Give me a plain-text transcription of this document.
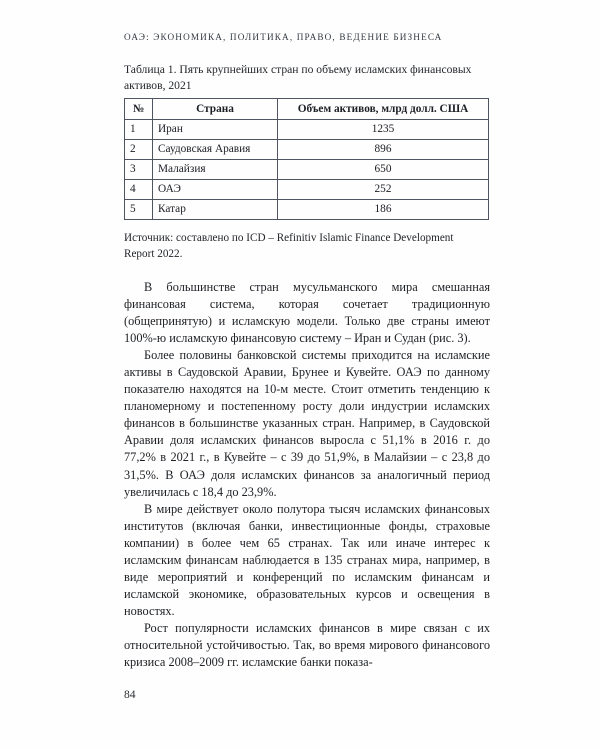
ОАЭ: ЭКОНОМИКА, ПОЛИТИКА, ПРАВО, ВЕДЕНИЕ БИЗНЕСА

Таблица 1. Пять крупнейших стран по объему исламских финансовых активов, 2021

№	Страна	Объем активов, млрд долл. США
1	Иран	1235
2	Саудовская Аравия	896
3	Малайзия	650
4	ОАЭ	252
5	Катар	186

Источник: составлено по ICD – Refinitiv Islamic Finance Development Report 2022.

В большинстве стран мусульманского мира смешанная финансовая система, которая сочетает традиционную (общепринятую) и исламскую модели. Только две страны имеют 100%-ю исламскую финансовую систему – Иран и Судан (рис. 3).

Более половины банковской системы приходится на исламские активы в Саудовской Аравии, Брунее и Кувейте. ОАЭ по данному показателю находятся на 10-м месте. Стоит отметить тенденцию к планомерному и постепенному росту доли индустрии исламских финансов в большинстве указанных стран. Например, в Саудовской Аравии доля исламских финансов выросла с 51,1% в 2016 г. до 77,2% в 2021 г., в Кувейте – с 39 до 51,9%, в Малайзии – с 23,8 до 31,5%. В ОАЭ доля исламских финансов за аналогичный период увеличилась с 18,4 до 23,9%.

В мире действует около полутора тысяч исламских финансовых институтов (включая банки, инвестиционные фонды, страховые компании) в более чем 65 странах. Так или иначе интерес к исламским финансам наблюдается в 135 странах мира, например, в виде мероприятий и конференций по исламским финансам и исламской экономике, образовательных курсов и освещения в новостях.

Рост популярности исламских финансов в мире связан с их относительной устойчивостью. Так, во время мирового финансового кризиса 2008–2009 гг. исламские банки показа-

84
